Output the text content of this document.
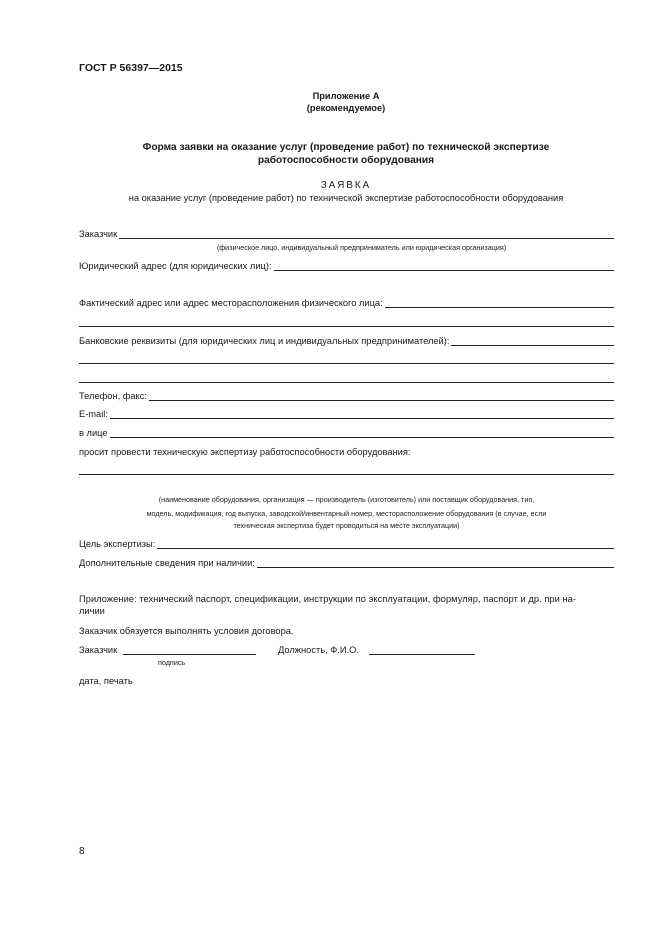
ГОСТ Р 56397—2015
Приложение А
(рекомендуемое)
Форма заявки на оказание услуг (проведение работ) по технической экспертизе
работоспособности оборудования
ЗАЯВКА
на оказание услуг (проведение работ) по технической экспертизе работоспособности оборудования
Заказчик
(физическое лицо, индивидуальный предприниматель или юридическая организация)
Юридический адрес (для юридических лиц):
Фактический адрес или адрес месторасположения физического лица:
Банковские реквизиты (для юридических лиц и индивидуальных предпринимателей):
Телефон, факс:
E-mail:
в лице
просит провести техническую экспертизу работоспособности оборудования:
(наименование оборудования, организация — производитель (изготовитель) или поставщик оборудования, тип,
модель, модификация, год выпуска, заводской/инвентарный номер, месторасположение оборудования (в случае, если
техническая экспертиза будет проводиться на месте эксплуатации)
Цель экспертизы:
Дополнительные сведения при наличии:
Приложение: технический паспорт, спецификации, инструкции по эксплуатации, формуляр, паспорт и др. при на-
личии
Заказчик обязуется выполнять условия договора.
Заказчик	Должность, Ф.И.О.
подпись
дата, печать
8
